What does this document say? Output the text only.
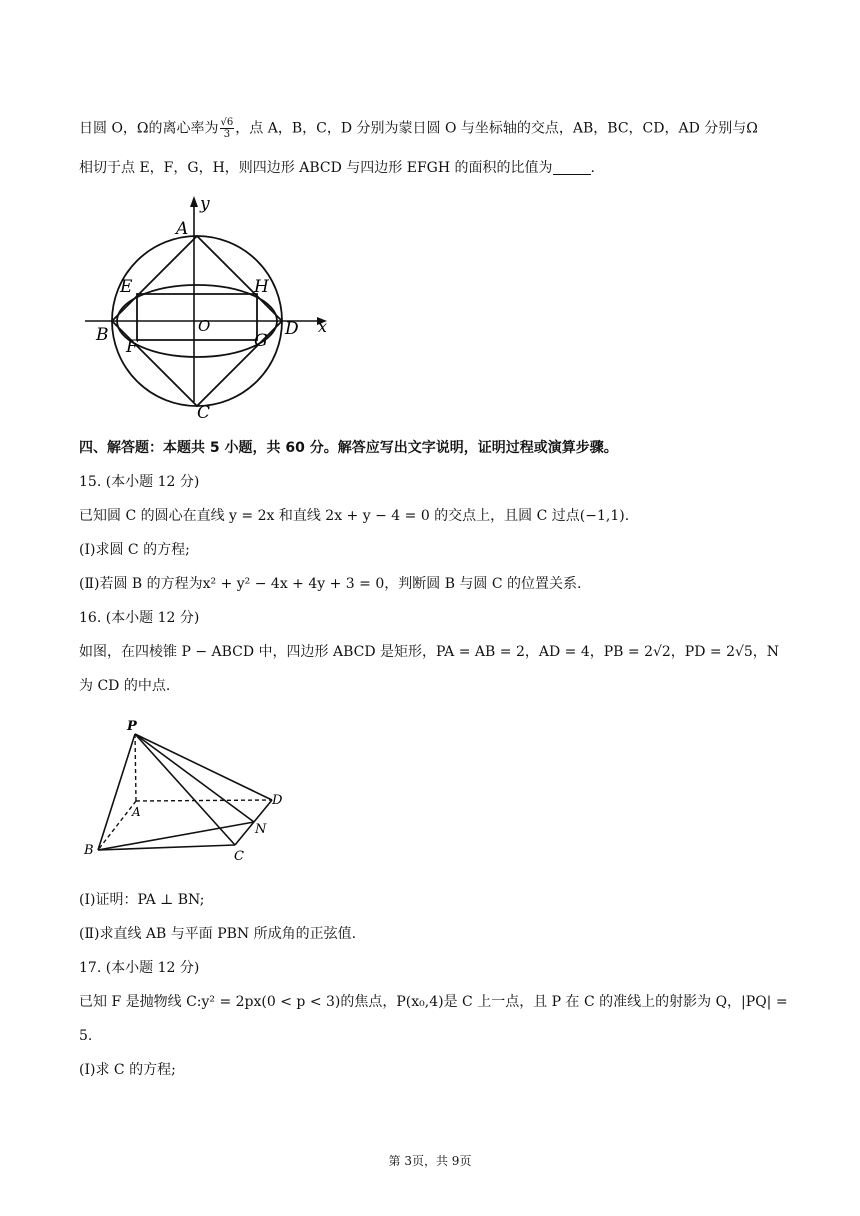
日圆 O，Ω的离心率为 $\frac{√6}{3}$ ，点 A，B，C，D 分别为蒙日圆 O 与坐标轴的交点，AB，BC，CD，AD 分别与Ω
相切于点 E，F，G，H，则四边形 ABCD 与四边形 EFGH 的面积的比值为	.
A
B
C
D
E
F	G
H
O	x
y
四、解答题：本题共 5 小题，共 60 分。解答应写出文字说明，证明过程或演算步骤。
15. (本小题 12 分)
已知圆 C 的圆心在直线 y = 2x 和直线 2x + y − 4 = 0 的交点上，且圆 C 过点(−1,1).
(Ⅰ)求圆 C 的方程;
(Ⅱ)若圆 B 的方程为x² + y² − 4x + 4y + 3 = 0，判断圆 B 与圆 C 的位置关系.
16. (本小题 12 分)
如图，在四棱锥 P − ABCD 中，四边形 ABCD 是矩形，PA = AB = 2，AD = 4，PB = 2√2，PD = 2√5，N
为 CD 的中点.
P
A
B	C
D
N
(Ⅰ)证明：PA ⊥ BN;
(Ⅱ)求直线 AB 与平面 PBN 所成角的正弦值.
17. (本小题 12 分)
已知 F 是抛物线 C:y² = 2px(0 < p < 3)的焦点，P(x₀,4)是 C 上一点，且 P 在 C 的准线上的射影为 Q，|PQ| =
5.
(Ⅰ)求 C 的方程;
第 3页，共 9页
